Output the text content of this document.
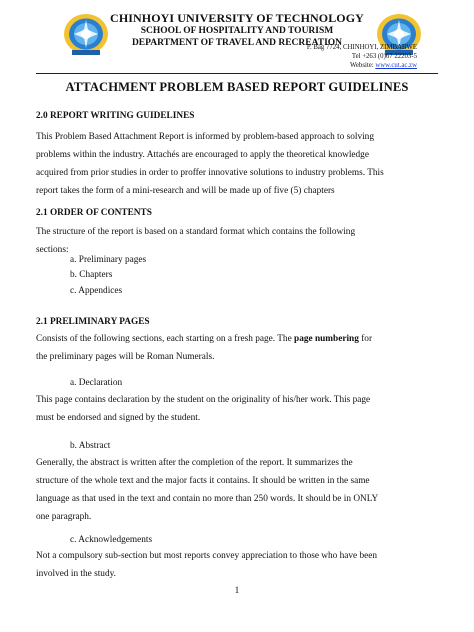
CHINHOYI UNIVERSITY OF TECHNOLOGY
SCHOOL OF HOSPITALITY AND TOURISM
DEPARTMENT OF TRAVEL AND RECREATION
P. Bag 7724, CHINHOYI, ZIMBABWE
Tel +263 (0)67 22203-5
Website: www.cut.ac.zw
ATTACHMENT PROBLEM BASED REPORT GUIDELINES
2.0 REPORT WRITING GUIDELINES
This Problem Based Attachment Report is informed by problem-based approach to solving
problems within the industry. Attachés are encouraged to apply the theoretical knowledge
acquired from prior studies in order to proffer innovative solutions to industry problems. This
report takes the form of a mini-research and will be made up of five (5) chapters
2.1 ORDER OF CONTENTS
The structure of the report is based on a standard format which contains the following
sections:
a. Preliminary pages
b. Chapters
c. Appendices
2.1 PRELIMINARY PAGES
Consists of the following sections, each starting on a fresh page. The page numbering for
the preliminary pages will be Roman Numerals.
a. Declaration
This page contains declaration by the student on the originality of his/her work. This page
must be endorsed and signed by the student.
b. Abstract
Generally, the abstract is written after the completion of the report. It summarizes the
structure of the whole text and the major facts it contains. It should be written in the same
language as that used in the text and contain no more than 250 words. It should be in ONLY
one paragraph.
c. Acknowledgements
Not a compulsory sub-section but most reports convey appreciation to those who have been
involved in the study.
1
